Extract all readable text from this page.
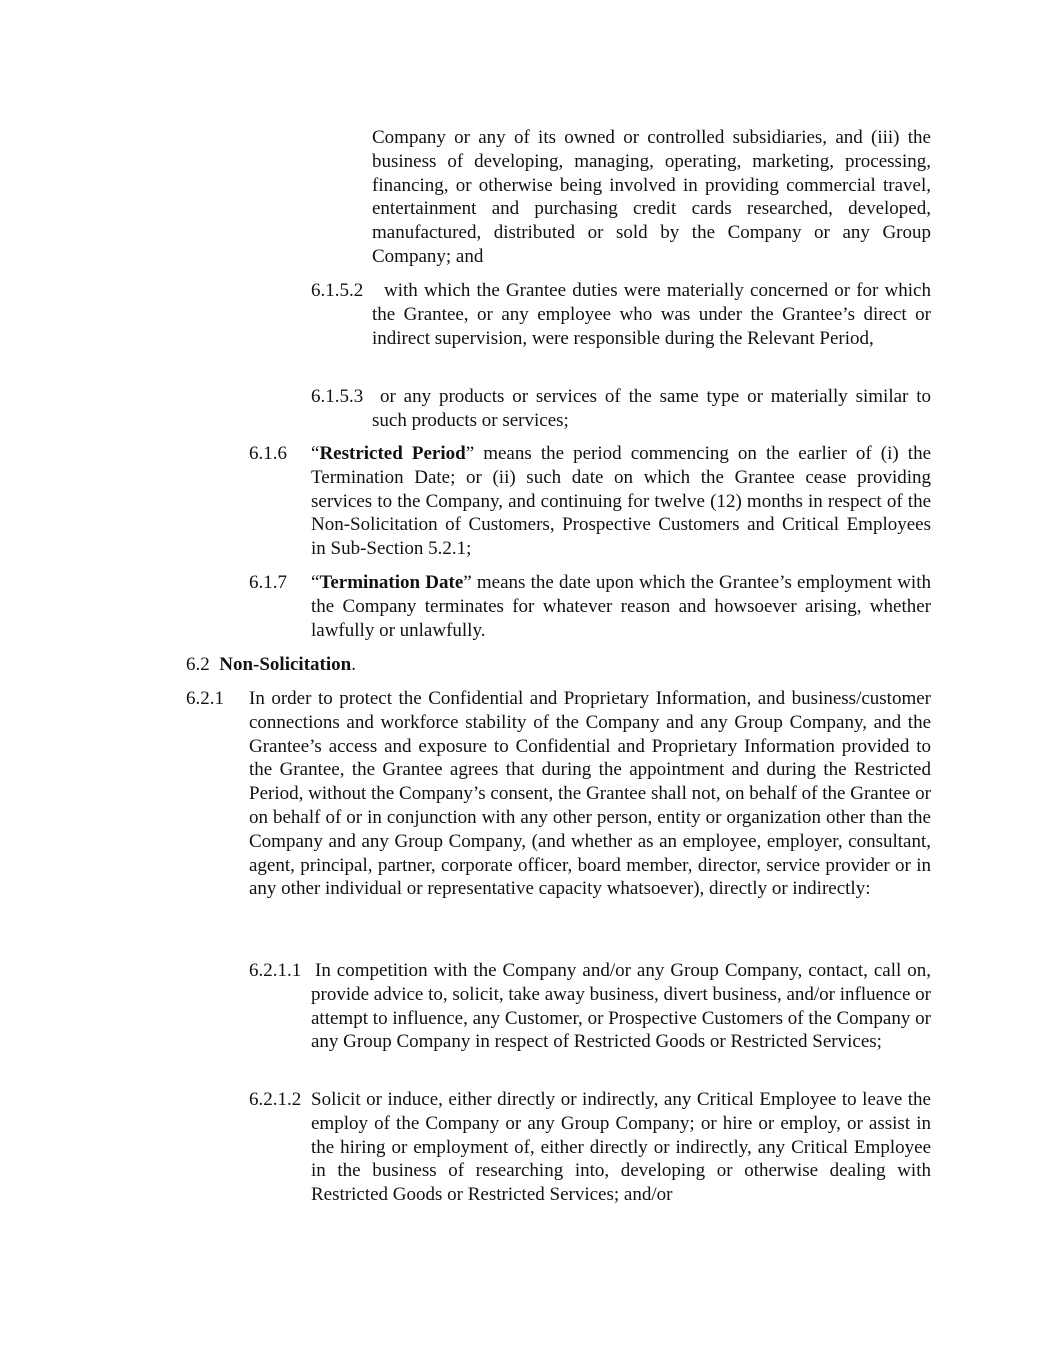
Company or any of its owned or controlled subsidiaries, and (iii) the business of developing, managing, operating, marketing, processing, financing, or otherwise being involved in providing commercial travel, entertainment and purchasing credit cards researched, developed, manufactured, distributed or sold by the Company or any Group Company; and
6.1.5.2	with which the Grantee duties were materially concerned or for which the Grantee, or any employee who was under the Grantee’s direct or indirect supervision, were responsible during the Relevant Period,
6.1.5.3 or any products or services of the same type or materially similar to such products or services;
6.1.6	“Restricted Period” means the period commencing on the earlier of (i) the Termination Date; or (ii) such date on which the Grantee cease providing services to the Company, and continuing for twelve (12) months in respect of the Non-Solicitation of Customers, Prospective Customers and Critical Employees in Sub-Section 5.2.1;
6.1.7	“Termination Date” means the date upon which the Grantee’s employment with the Company terminates for whatever reason and howsoever arising, whether lawfully or unlawfully.
6.2 Non-Solicitation.
6.2.1	In order to protect the Confidential and Proprietary Information, and business/customer connections and workforce stability of the Company and any Group Company, and the Grantee’s access and exposure to Confidential and Proprietary Information provided to the Grantee, the Grantee agrees that during the appointment and during the Restricted Period, without the Company’s consent, the Grantee shall not, on behalf of the Grantee or on behalf of or in conjunction with any other person, entity or organization other than the Company and any Group Company, (and whether as an employee, employer, consultant, agent, principal, partner, corporate officer, board member, director, service provider or in any other individual or representative capacity whatsoever), directly or indirectly:
6.2.1.1 In competition with the Company and/or any Group Company, contact, call on, provide advice to, solicit, take away business, divert business, and/or influence or attempt to influence, any Customer, or Prospective Customers of the Company or any Group Company in respect of Restricted Goods or Restricted Services;
6.2.1.2 Solicit or induce, either directly or indirectly, any Critical Employee to leave the employ of the Company or any Group Company; or hire or employ, or assist in the hiring or employment of, either directly or indirectly, any Critical Employee in the business of researching into, developing or otherwise dealing with Restricted Goods or Restricted Services; and/or
